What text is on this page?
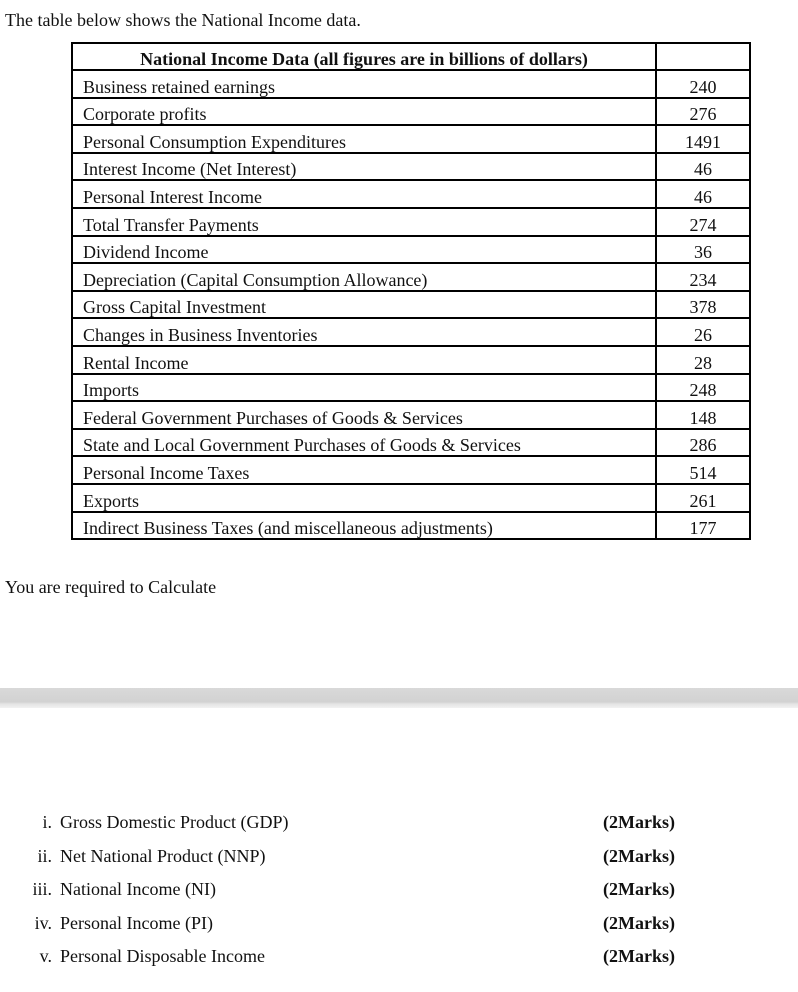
The table below shows the National Income data.
National Income Data (all figures are in billions of dollars)	
Business retained earnings	240
Corporate profits	276
Personal Consumption Expenditures	1491
Interest Income (Net Interest)	46
Personal Interest Income	46
Total Transfer Payments	274
Dividend Income	36
Depreciation (Capital Consumption Allowance)	234
Gross Capital Investment	378
Changes in Business Inventories	26
Rental Income	28
Imports	248
Federal Government Purchases of Goods & Services	148
State and Local Government Purchases of Goods & Services	286
Personal Income Taxes	514
Exports	261
Indirect Business Taxes (and miscellaneous adjustments)	177
You are required to Calculate
i. Gross Domestic Product (GDP)	(2Marks)
ii. Net National Product (NNP)	(2Marks)
iii. National Income (NI)	(2Marks)
iv. Personal Income (PI)	(2Marks)
v. Personal Disposable Income	(2Marks)
